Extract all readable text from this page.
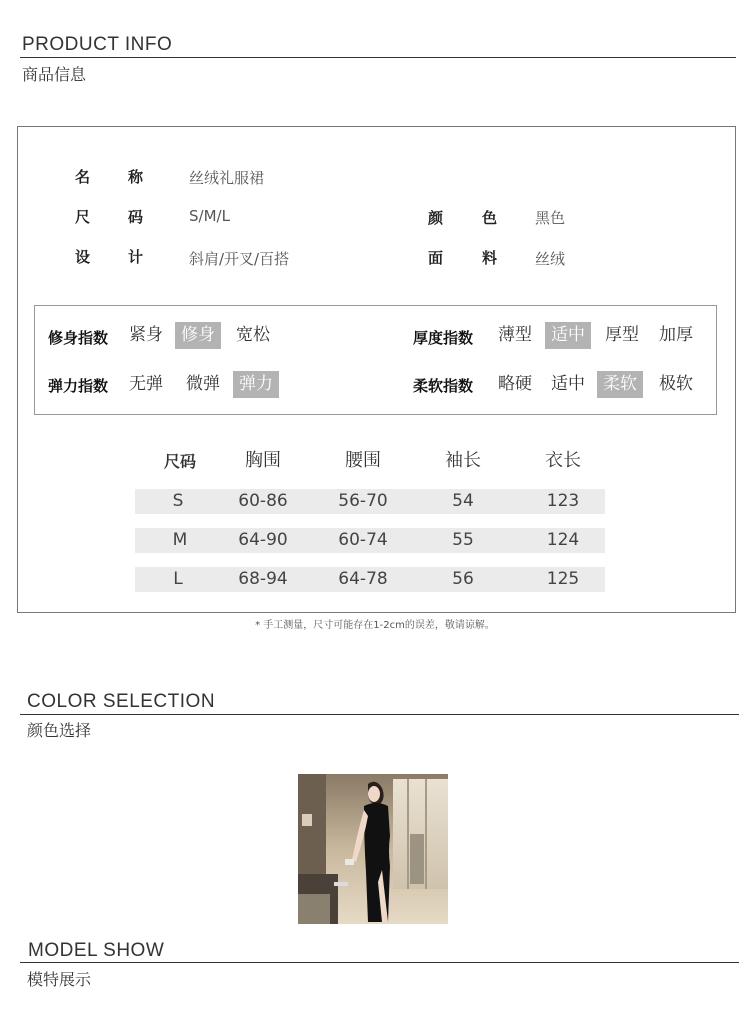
PRODUCT INFO
商品信息
名	称	丝绒礼服裙
尺	码	S/M/L	颜	色	黑色
设	计	斜肩/开叉/百搭	面	料	丝绒
修身指数	紧身	修身	宽松	厚度指数	薄型	适中	厚型	加厚
弹力指数	无弹	微弹	弹力	柔软指数	略硬	适中	柔软	极软
尺码	胸围	腰围	袖长	衣长
S	60-86	56-70	54	123
M	64-90	60-74	55	124
L	68-94	64-78	56	125
* 手工测量，尺寸可能存在1-2cm的误差，敬请谅解。
COLOR SELECTION
颜色选择
MODEL SHOW
模特展示
